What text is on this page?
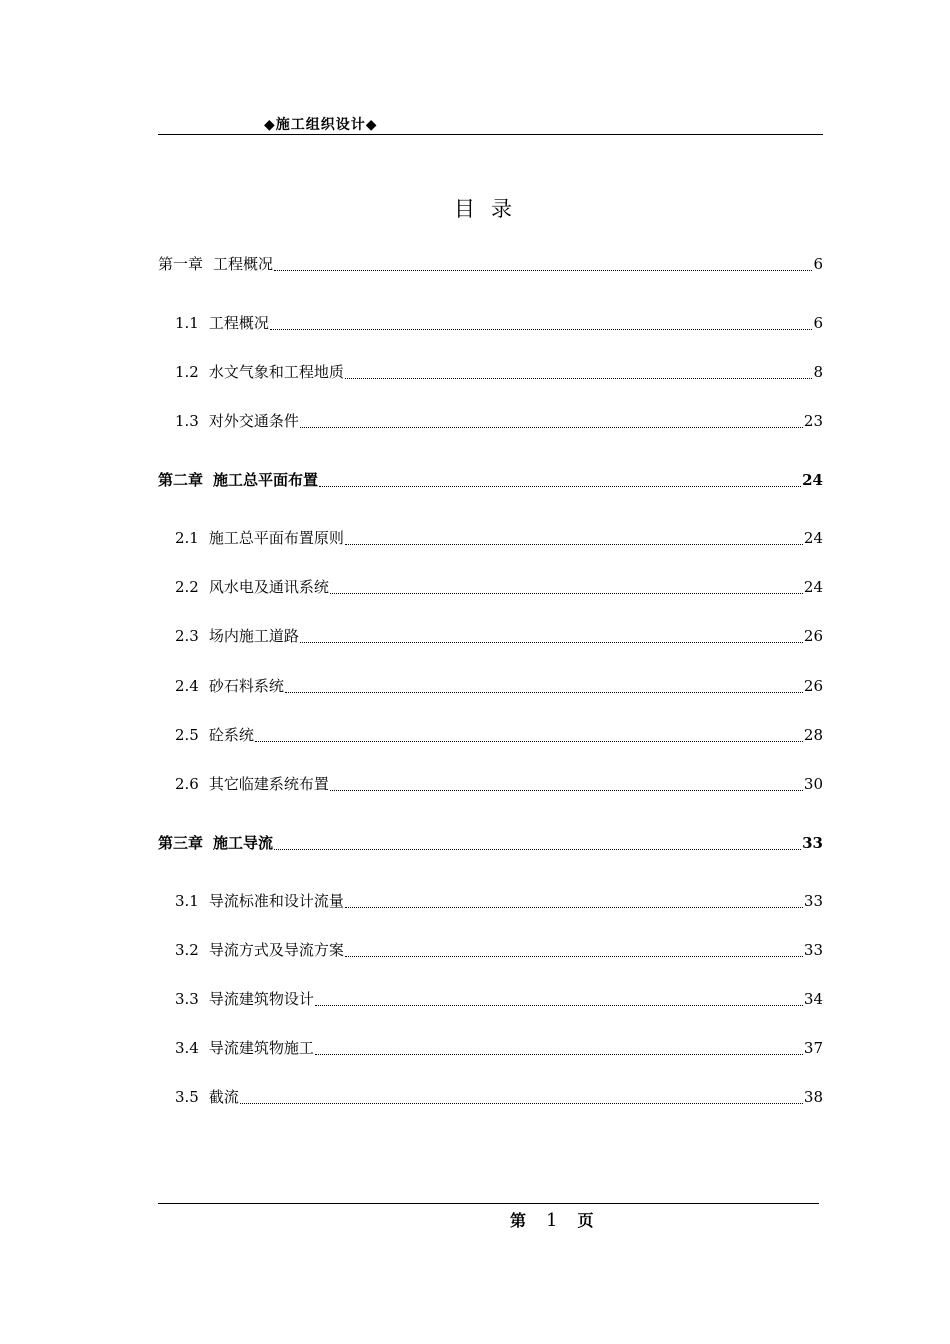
◆施工组织设计◆
目录
第一章 工程概况	6
1.1 工程概况	6
1.2 水文气象和工程地质	8
1.3 对外交通条件	23
第二章 施工总平面布置	24
2.1 施工总平面布置原则	24
2.2 风水电及通讯系统	24
2.3 场内施工道路	26
2.4 砂石料系统	26
2.5 砼系统	28
2.6 其它临建系统布置	30
第三章 施工导流	33
3.1 导流标准和设计流量	33
3.2 导流方式及导流方案	33
3.3 导流建筑物设计	34
3.4 导流建筑物施工	37
3.5 截流	38
第 1 页
